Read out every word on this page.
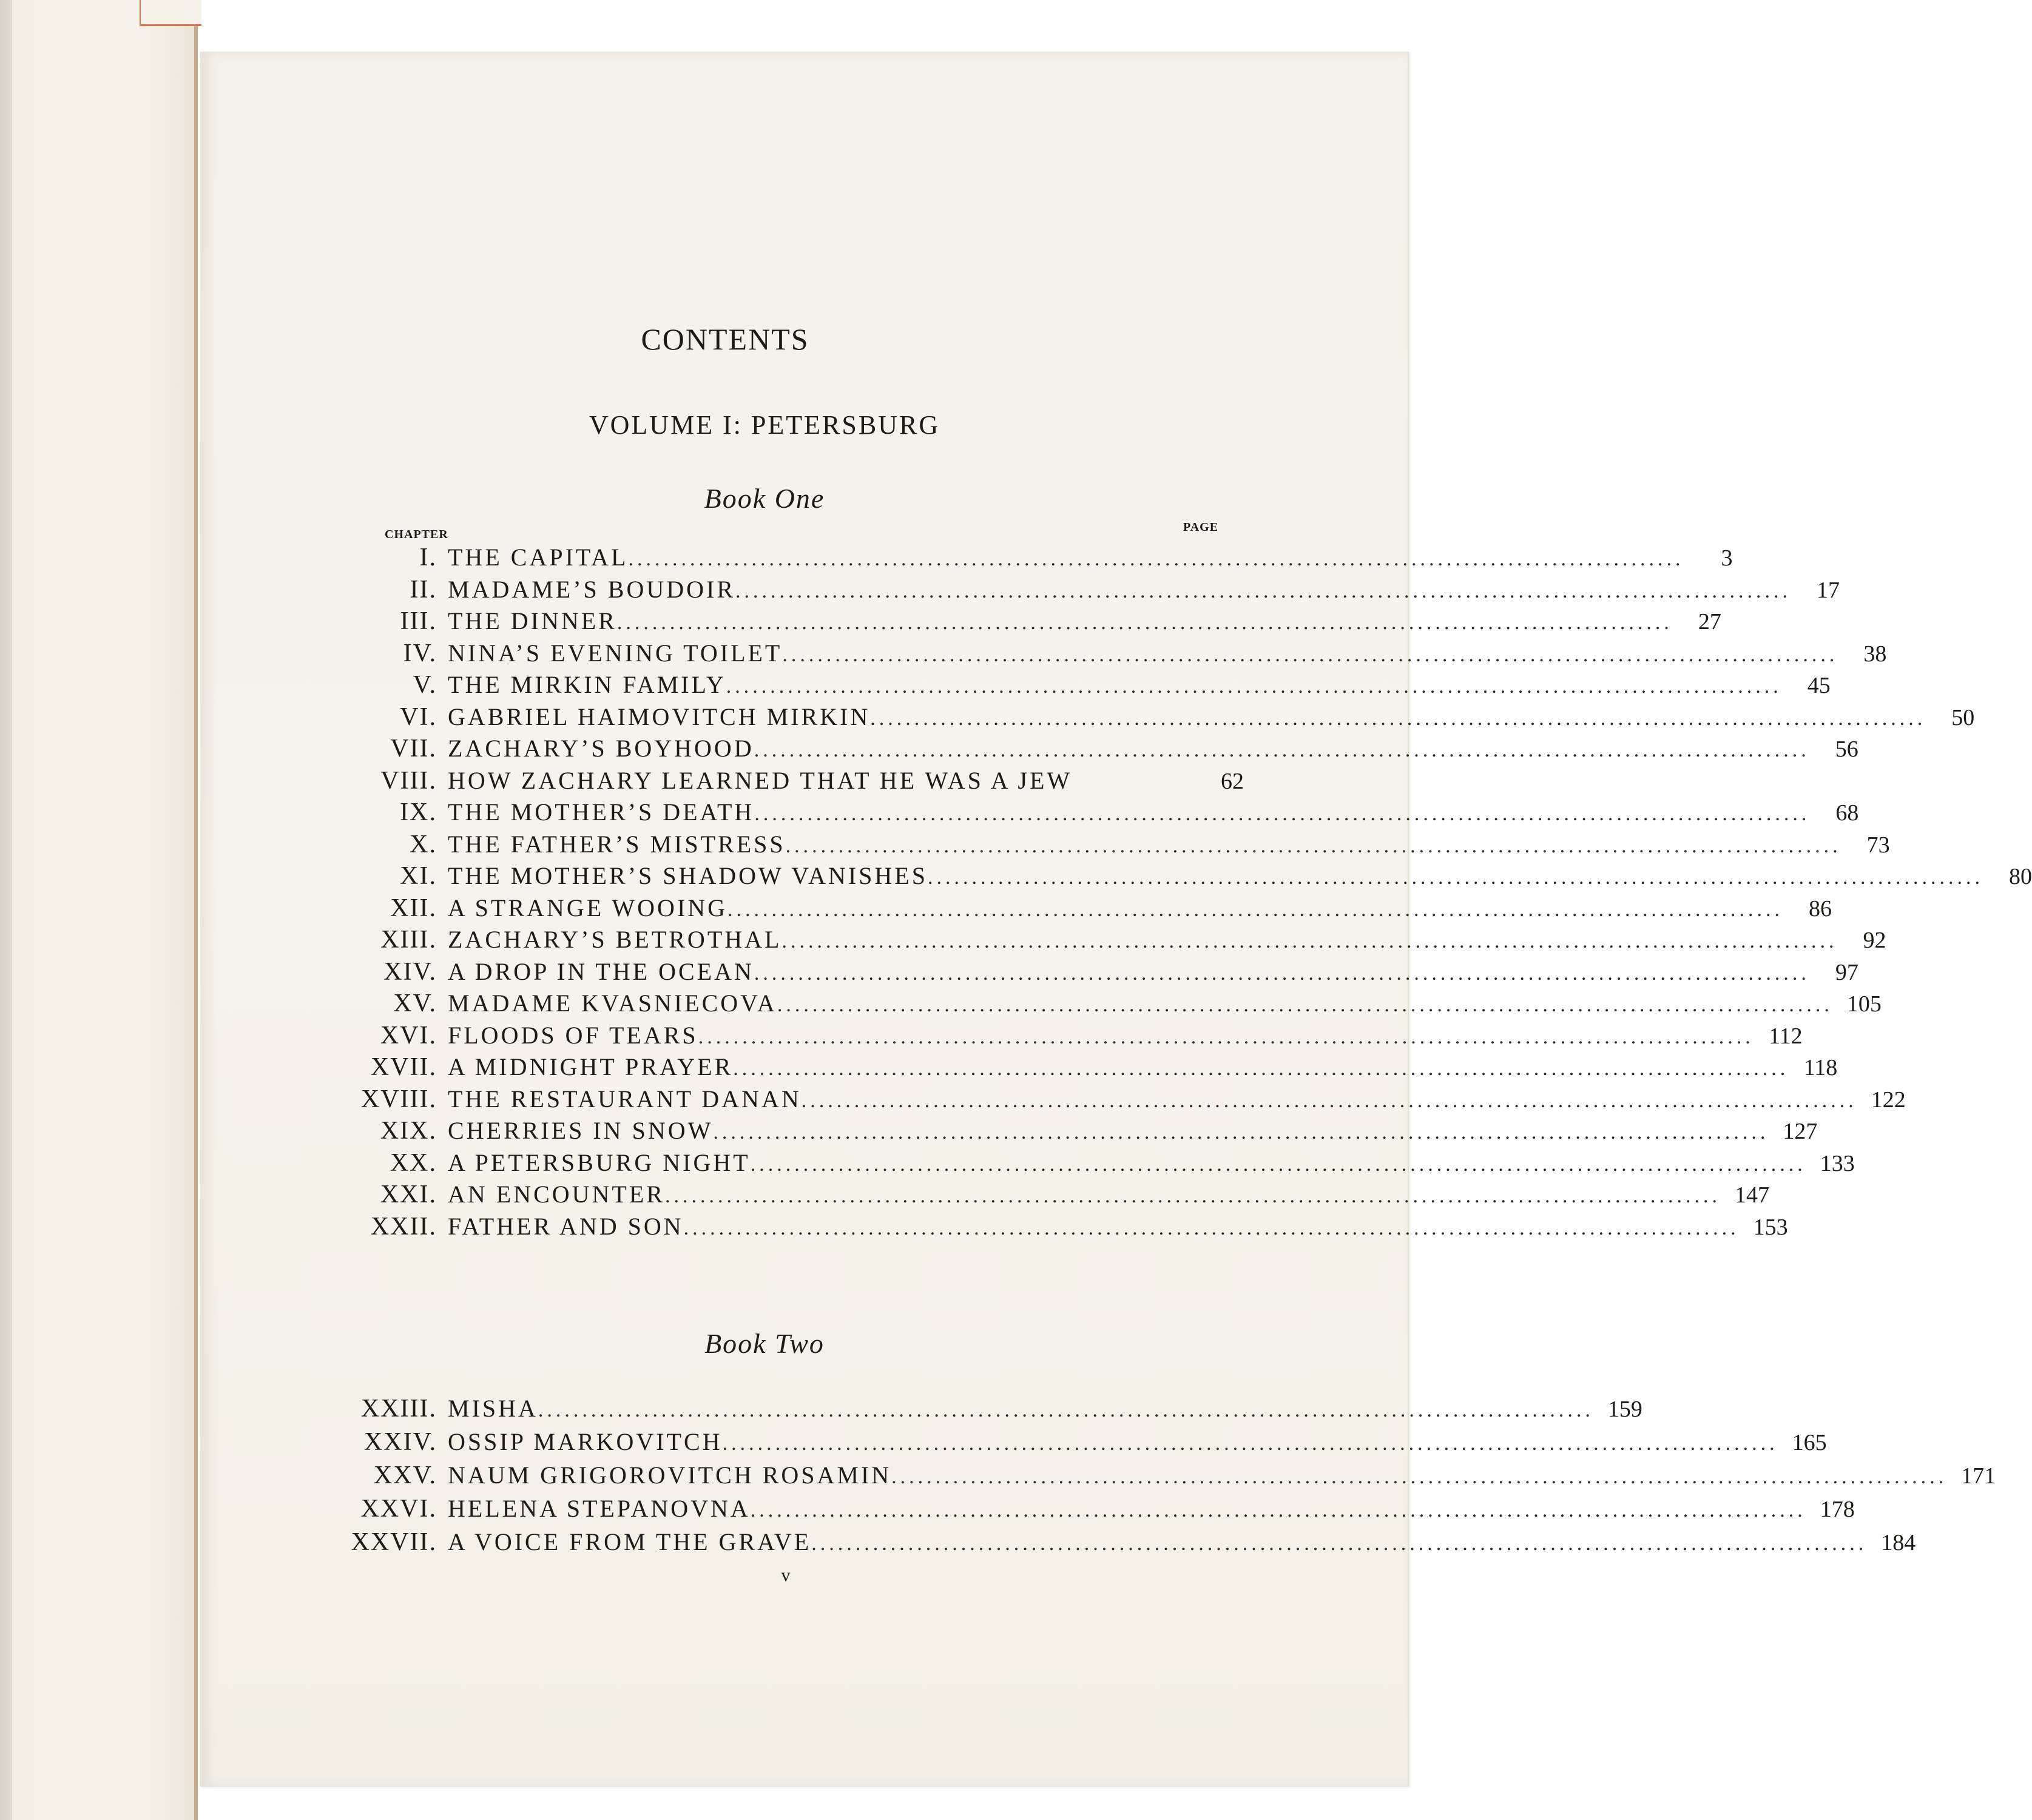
CONTENTS
VOLUME I: PETERSBURG
Book One
CHAPTER
PAGE
I. THE CAPITAL ........................................................................................................................	3
II. MADAME’S BOUDOIR ........................................................................................................................	17
III. THE DINNER ........................................................................................................................	27
IV. NINA’S EVENING TOILET ........................................................................................................................	38
V. THE MIRKIN FAMILY ........................................................................................................................	45
VI. GABRIEL HAIMOVITCH MIRKIN ........................................................................................................................	50
VII. ZACHARY’S BOYHOOD ........................................................................................................................	56
VIII. HOW ZACHARY LEARNED THAT HE WAS A JEW	62
IX. THE MOTHER’S DEATH ........................................................................................................................	68
X. THE FATHER’S MISTRESS ........................................................................................................................	73
XI. THE MOTHER’S SHADOW VANISHES ........................................................................................................................	80
XII. A STRANGE WOOING ........................................................................................................................	86
XIII. ZACHARY’S BETROTHAL ........................................................................................................................	92
XIV. A DROP IN THE OCEAN ........................................................................................................................	97
XV. MADAME KVASNIECOVA ........................................................................................................................ 105
XVI. FLOODS OF TEARS ........................................................................................................................ 112
XVII. A MIDNIGHT PRAYER ........................................................................................................................ 118
XVIII. THE RESTAURANT DANAN ........................................................................................................................ 122
XIX. CHERRIES IN SNOW ........................................................................................................................ 127
XX. A PETERSBURG NIGHT ........................................................................................................................ 133
XXI. AN ENCOUNTER ........................................................................................................................ 147
XXII. FATHER AND SON ........................................................................................................................ 153
Book Two
XXIII. MISHA ........................................................................................................................ 159
XXIV. OSSIP MARKOVITCH ........................................................................................................................ 165
XXV. NAUM GRIGOROVITCH ROSAMIN ........................................................................................................................ 171
XXVI. HELENA STEPANOVNA ........................................................................................................................ 178
XXVII. A VOICE FROM THE GRAVE ........................................................................................................................ 184
v
